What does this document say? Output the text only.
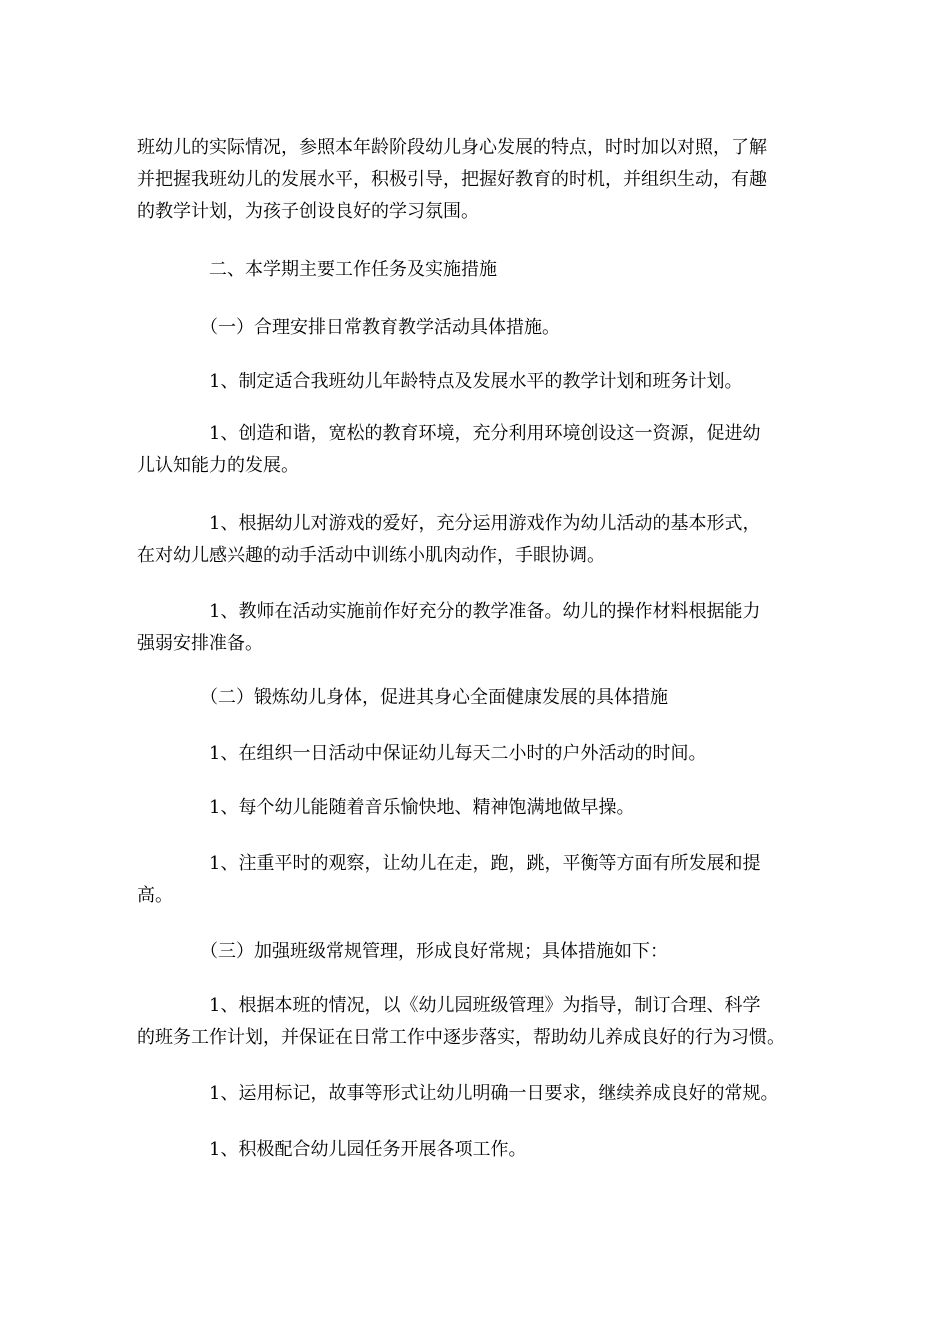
班幼儿的实际情况，参照本年龄阶段幼儿身心发展的特点，时时加以对照，了解
并把握我班幼儿的发展水平，积极引导，把握好教育的时机，并组织生动，有趣
的教学计划，为孩子创设良好的学习氛围。

　　　　二、本学期主要工作任务及实施措施

　　　　（一）合理安排日常教育教学活动具体措施。

　　　　1、制定适合我班幼儿年龄特点及发展水平的教学计划和班务计划。

　　　　1、创造和谐，宽松的教育环境，充分利用环境创设这一资源，促进幼
儿认知能力的发展。

　　　　1、根据幼儿对游戏的爱好，充分运用游戏作为幼儿活动的基本形式，
在对幼儿感兴趣的动手活动中训练小肌肉动作，手眼协调。

　　　　1、教师在活动实施前作好充分的教学准备。幼儿的操作材料根据能力
强弱安排准备。

　　　　（二）锻炼幼儿身体，促进其身心全面健康发展的具体措施

　　　　1、在组织一日活动中保证幼儿每天二小时的户外活动的时间。

　　　　1、每个幼儿能随着音乐愉快地、精神饱满地做早操。

　　　　1、注重平时的观察，让幼儿在走，跑，跳，平衡等方面有所发展和提
高。

　　　　（三）加强班级常规管理，形成良好常规；具体措施如下：

　　　　1、根据本班的情况，以《幼儿园班级管理》为指导，制订合理、科学
的班务工作计划，并保证在日常工作中逐步落实，帮助幼儿养成良好的行为习惯。

　　　　1、运用标记，故事等形式让幼儿明确一日要求，继续养成良好的常规。

　　　　1、积极配合幼儿园任务开展各项工作。
